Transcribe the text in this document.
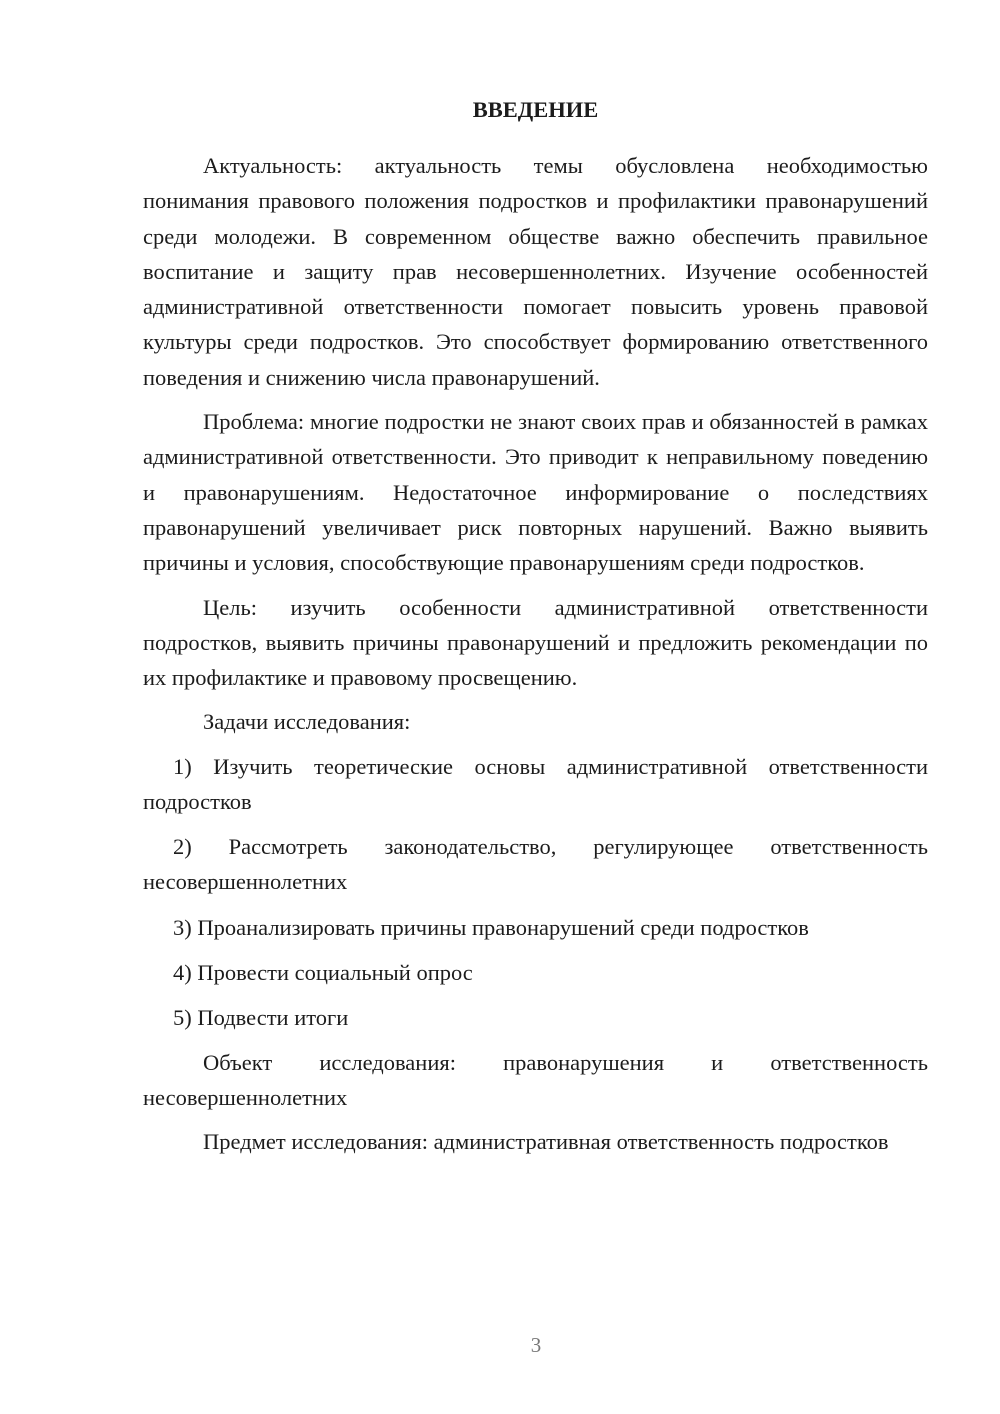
ВВЕДЕНИЕ

Актуальность: актуальность темы обусловлена необходимостью понимания правового положения подростков и профилактики правонарушений среди молодежи. В современном обществе важно обеспечить правильное воспитание и защиту прав несовершеннолетних. Изучение особенностей административной ответственности помогает повысить уровень правовой культуры среди подростков. Это способствует формированию ответственного поведения и снижению числа правонарушений.

Проблема: многие подростки не знают своих прав и обязанностей в рамках административной ответственности. Это приводит к неправильному поведению и правонарушениям. Недостаточное информирование о последствиях правонарушений увеличивает риск повторных нарушений. Важно выявить причины и условия, способствующие правонарушениям среди подростков.

Цель: изучить особенности административной ответственности подростков, выявить причины правонарушений и предложить рекомендации по их профилактике и правовому просвещению.

Задачи исследования:

1) Изучить теоретические основы административной ответственности подростков

2) Рассмотреть законодательство, регулирующее ответственность несовершеннолетних

3) Проанализировать причины правонарушений среди подростков

4) Провести социальный опрос

5) Подвести итоги

Объект исследования: правонарушения и ответственность несовершеннолетних

Предмет исследования: административная ответственность подростков

3
